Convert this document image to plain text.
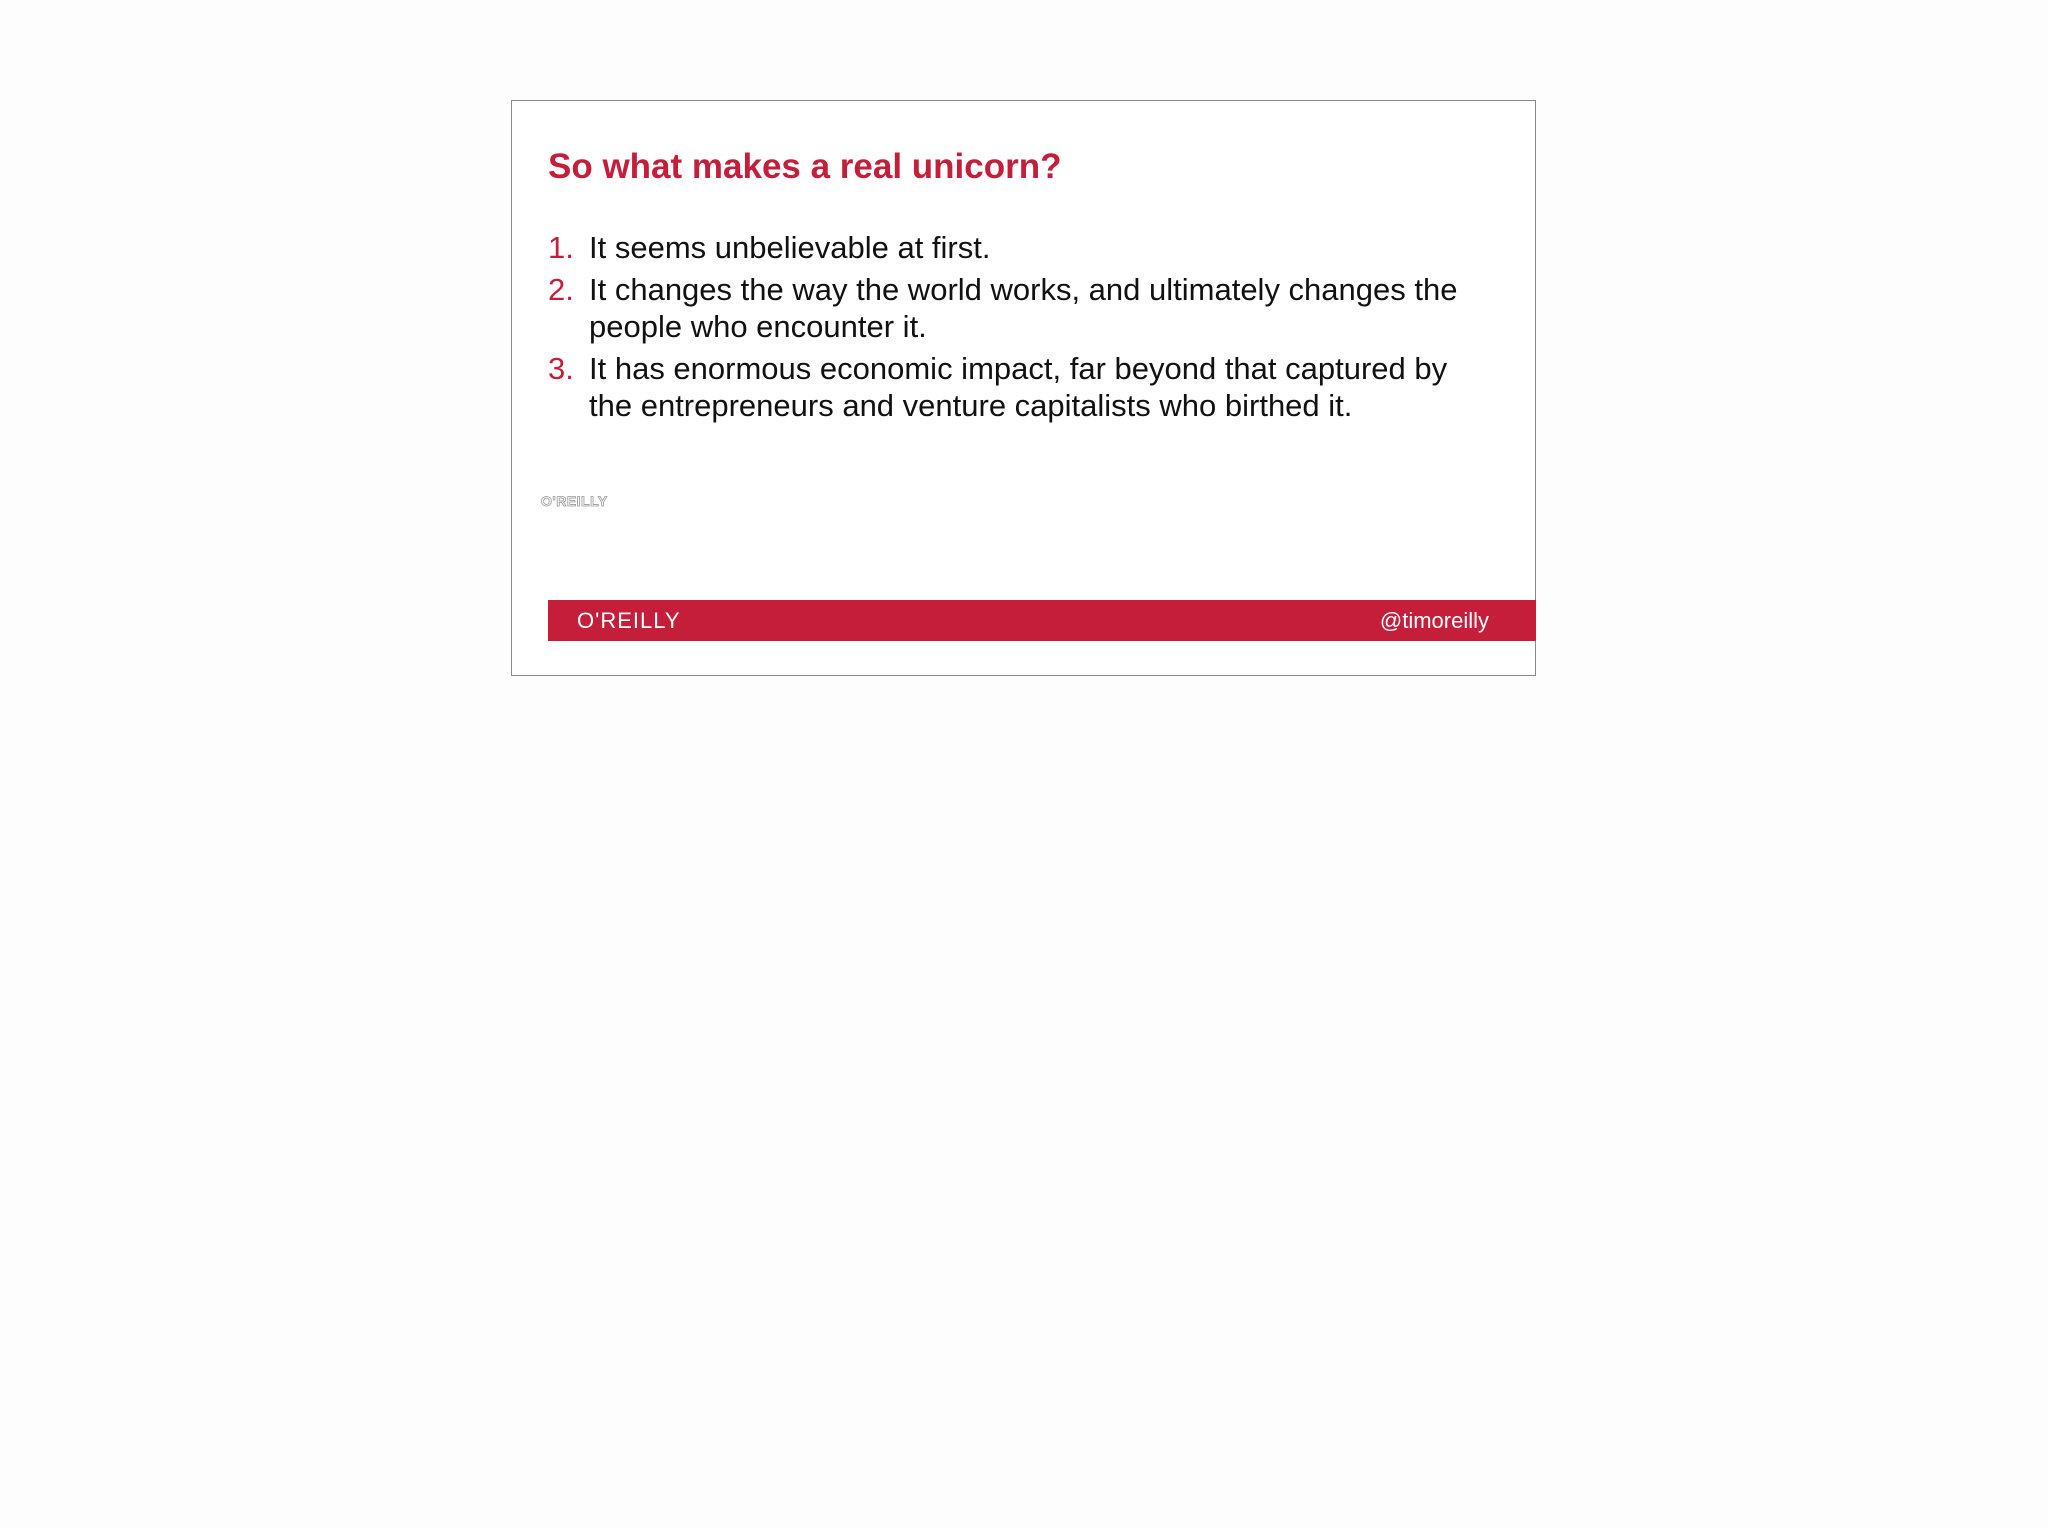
So what makes a real unicorn?
1. It seems unbelievable at first.
2. It changes the way the world works, and ultimately changes the people who encounter it.
3. It has enormous economic impact, far beyond that captured by the entrepreneurs and venture capitalists who birthed it.
O'REILLY
O'REILLY	@timoreilly
